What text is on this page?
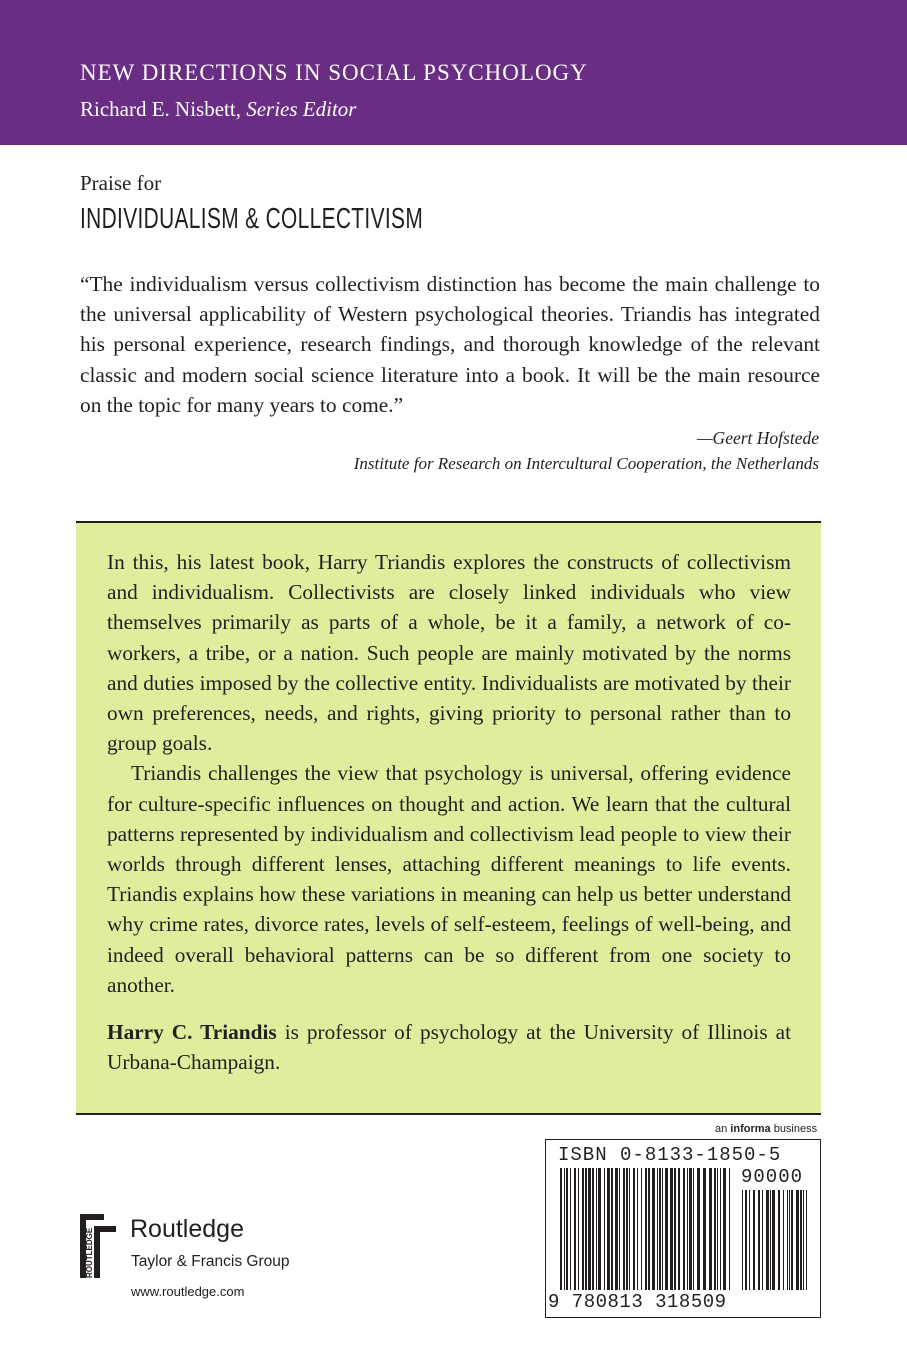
NEW DIRECTIONS IN SOCIAL PSYCHOLOGY
Richard E. Nisbett, Series Editor
Praise for
INDIVIDUALISM & COLLECTIVISM
“The individualism versus collectivism distinction has become the main challenge to the universal applicability of Western psychological theories. Triandis has integrated his personal experience, research findings, and thorough knowledge of the relevant classic and modern social science literature into a book. It will be the main resource on the topic for many years to come.”
—Geert Hofstede
Institute for Research on Intercultural Cooperation, the Netherlands

In this, his latest book, Harry Triandis explores the constructs of collectivism and individualism. Collectivists are closely linked individuals who view themselves primarily as parts of a whole, be it a family, a network of co-workers, a tribe, or a nation. Such people are mainly motivated by the norms and duties imposed by the collective entity. Individualists are motivated by their own preferences, needs, and rights, giving priority to personal rather than to group goals.

Triandis challenges the view that psychology is universal, offering evidence for culture-specific influences on thought and action. We learn that the cultural patterns represented by individualism and collectivism lead people to view their worlds through different lenses, attaching different meanings to life events. Triandis explains how these variations in meaning can help us better understand why crime rates, divorce rates, levels of self-esteem, feelings of well-being, and indeed overall behavioral patterns can be so different from one society to another.

Harry C. Triandis is professor of psychology at the University of Illinois at Urbana-Champaign.

an informa business
ISBN 0-8133-1850-5
90000
9 780813 318509
ROUTLEDGE Routledge
Taylor & Francis Group
www.routledge.com
